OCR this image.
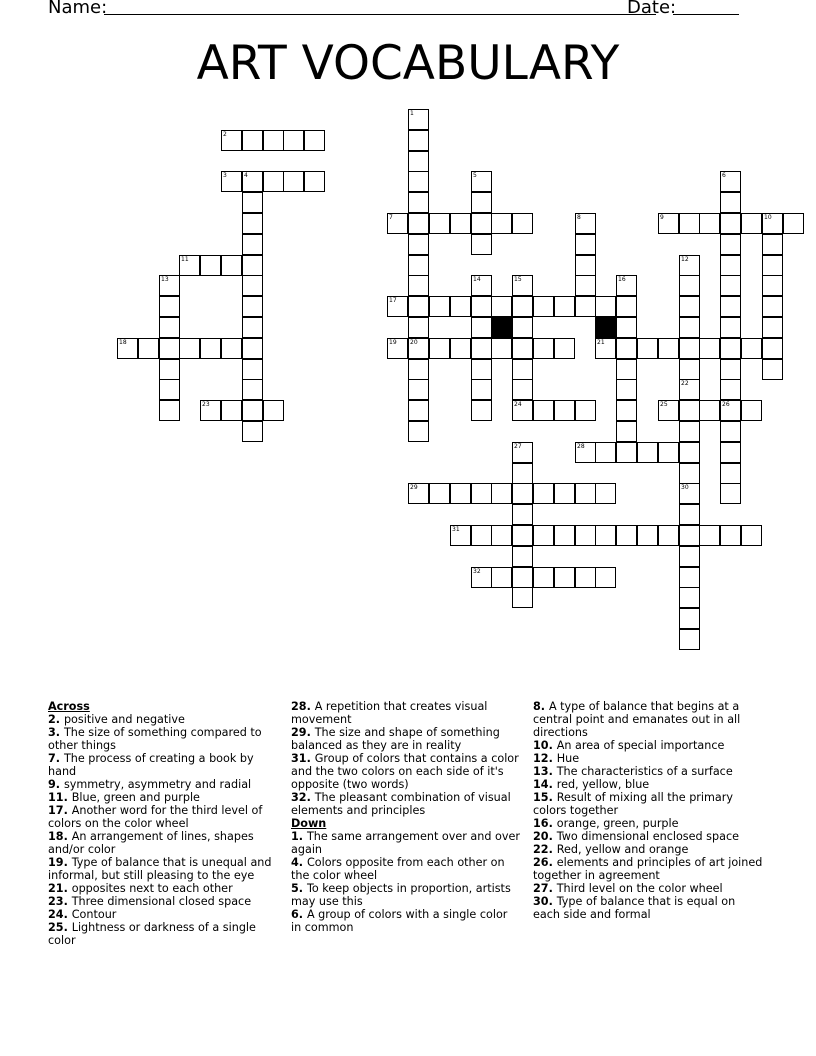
Name:	Date:
ART VOCABULARY
2
3	4
7	9	10
11
17
18	19 20	21
23	24	25	26
28
29
31
32
1
5	6
8
12
13	14	15	16
22
30
27
Across
2. positive and negative
3. The size of something compared to other things
7. The process of creating a book by hand
9. symmetry, asymmetry and radial
11. Blue, green and purple
17. Another word for the third level of colors on the color wheel
18. An arrangement of lines, shapes and/or color
19. Type of balance that is unequal and informal, but still pleasing to the eye
21. opposites next to each other
23. Three dimensional closed space
24. Contour
25. Lightness or darkness of a single color
28. A repetition that creates visual movement
29. The size and shape of something balanced as they are in reality
31. Group of colors that contains a color and the two colors on each side of it's opposite (two words)
32. The pleasant combination of visual elements and principles
Down
1. The same arrangement over and over again
4. Colors opposite from each other on the color wheel
5. To keep objects in proportion, artists may use this
6. A group of colors with a single color in common
8. A type of balance that begins at a central point and emanates out in all directions
10. An area of special importance
12. Hue
13. The characteristics of a surface
14. red, yellow, blue
15. Result of mixing all the primary colors together
16. orange, green, purple
20. Two dimensional enclosed space
22. Red, yellow and orange
26. elements and principles of art joined together in agreement
27. Third level on the color wheel
30. Type of balance that is equal on each side and formal
